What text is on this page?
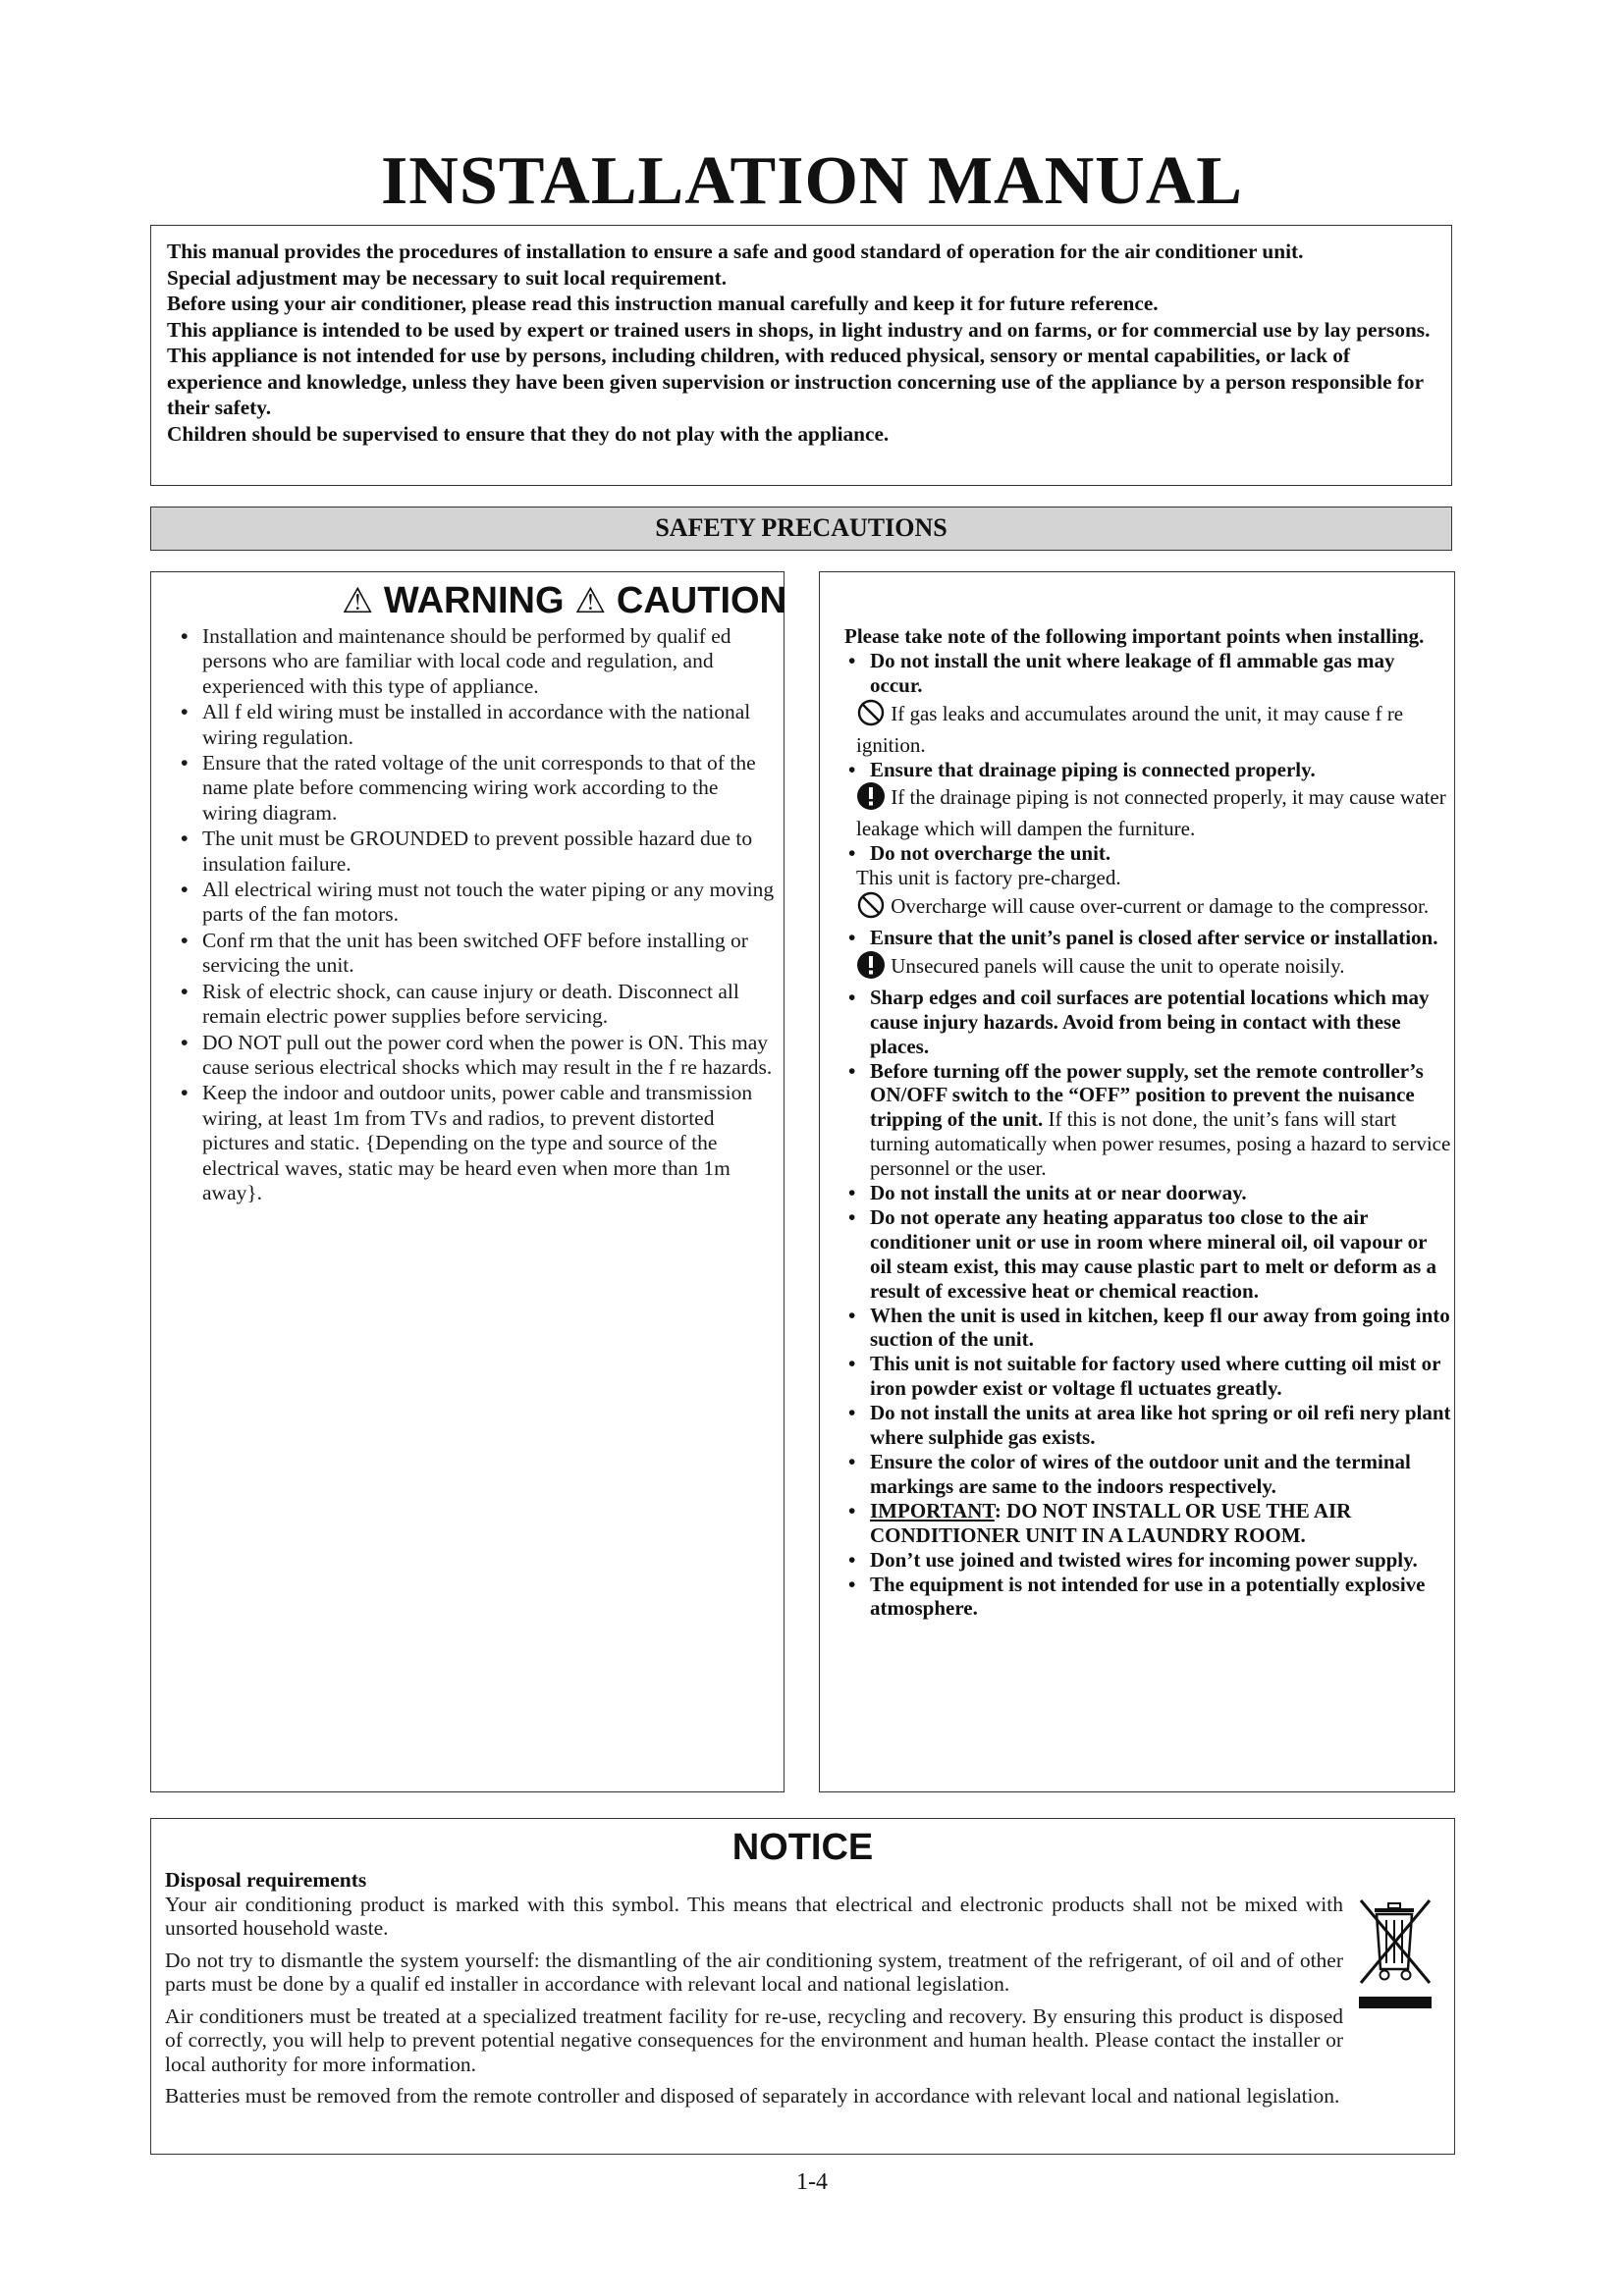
INSTALLATION MANUAL

This manual provides the procedures of installation to ensure a safe and good standard of operation for the air conditioner unit.

Special adjustment may be necessary to suit local requirement.

Before using your air conditioner, please read this instruction manual carefully and keep it for future reference.

This appliance is intended to be used by expert or trained users in shops, in light industry and on farms, or for commercial use by lay persons.

This appliance is not intended for use by persons, including children, with reduced physical, sensory or mental capabilities, or lack of experience and knowledge, unless they have been given supervision or instruction concerning use of the appliance by a person responsible for their safety.

Children should be supervised to ensure that they do not play with the appliance.

SAFETY PRECAUTIONS
⚠ WARNING ⚠ CAUTION
• Installation and maintenance should be performed by qualif ed persons who are familiar with local code and regulation, and experienced with this type of appliance.
• All f eld wiring must be installed in accordance with the national wiring regulation.
• Ensure that the rated voltage of the unit corresponds to that of the name plate before commencing wiring work according to the wiring diagram.
• The unit must be GROUNDED to prevent possible hazard due to insulation failure.
• All electrical wiring must not touch the water piping or any moving parts of the fan motors.
• Conf rm that the unit has been switched OFF before installing or servicing the unit.
• Risk of electric shock, can cause injury or death. Disconnect all remain electric power supplies before servicing.
• DO NOT pull out the power cord when the power is ON. This may cause serious electrical shocks which may result in the f re hazards.
• Keep the indoor and outdoor units, power cable and transmission wiring, at least 1m from TVs and radios, to prevent distorted pictures and static. {Depending on the type and source of the electrical waves, static may be heard even when more than 1m away}.
Please take note of the following important points when installing.
• Do not install the unit where leakage of fl ammable gas may occur.
If gas leaks and accumulates around the unit, it may cause f re ignition.
• Ensure that drainage piping is connected properly.
If the drainage piping is not connected properly, it may cause water leakage which will dampen the furniture.
• Do not overcharge the unit.
This unit is factory pre-charged.
Overcharge will cause over-current or damage to the compressor.
• Ensure that the unit’s panel is closed after service or installation.
Unsecured panels will cause the unit to operate noisily.
• Sharp edges and coil surfaces are potential locations which may cause injury hazards. Avoid from being in contact with these places.
• Before turning off the power supply, set the remote controller’s ON/OFF switch to the “OFF” position to prevent the nuisance tripping of the unit. If this is not done, the unit’s fans will start turning automatically when power resumes, posing a hazard to service personnel or the user.
• Do not install the units at or near doorway.
• Do not operate any heating apparatus too close to the air conditioner unit or use in room where mineral oil, oil vapour or oil steam exist, this may cause plastic part to melt or deform as a result of excessive heat or chemical reaction.
• When the unit is used in kitchen, keep fl our away from going into suction of the unit.
• This unit is not suitable for factory used where cutting oil mist or iron powder exist or voltage fl uctuates greatly.
• Do not install the units at area like hot spring or oil refi nery plant where sulphide gas exists.
• Ensure the color of wires of the outdoor unit and the terminal markings are same to the indoors respectively.
• IMPORTANT: DO NOT INSTALL OR USE THE AIR CONDITIONER UNIT IN A LAUNDRY ROOM.
• Don’t use joined and twisted wires for incoming power supply.
• The equipment is not intended for use in a potentially explosive atmosphere.
NOTICE
Disposal requirements

Your air conditioning product is marked with this symbol. This means that electrical and electronic products shall not be mixed with unsorted household waste.

Do not try to dismantle the system yourself: the dismantling of the air conditioning system, treatment of the refrigerant, of oil and of other parts must be done by a qualif ed installer in accordance with relevant local and national legislation.

Air conditioners must be treated at a specialized treatment facility for re-use, recycling and recovery. By ensuring this product is disposed of correctly, you will help to prevent potential negative consequences for the environment and human health. Please contact the installer or local authority for more information.

Batteries must be removed from the remote controller and disposed of separately in accordance with relevant local and national legislation.

1-4
